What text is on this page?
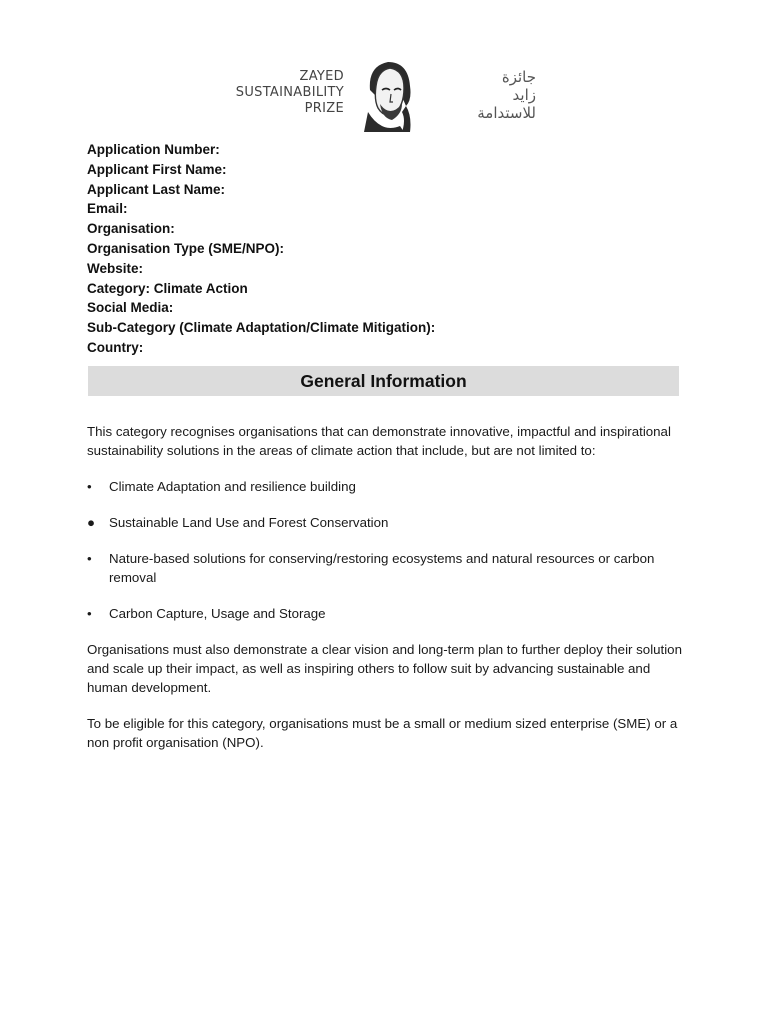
ZAYED
SUSTAINABILITY
PRIZE
جائزة
زايد
للاستدامة
Application Number:
Applicant First Name:
Applicant Last Name:
Email:
Organisation:
Organisation Type (SME/NPO):
Website:
Category: Climate Action
Social Media:
Sub-Category (Climate Adaptation/Climate Mitigation):
Country:
General Information
This category recognises organisations that can demonstrate innovative, impactful and inspirational sustainability solutions in the areas of climate action that include, but are not limited to:
•	Climate Adaptation and resilience building
● Sustainable Land Use and Forest Conservation
•	Nature-based solutions for conserving/restoring ecosystems and natural resources or carbon removal
•	Carbon Capture, Usage and Storage
Organisations must also demonstrate a clear vision and long-term plan to further deploy their solution and scale up their impact, as well as inspiring others to follow suit by advancing sustainable and human development.
To be eligible for this category, organisations must be a small or medium sized enterprise (SME) or a non profit organisation (NPO).
